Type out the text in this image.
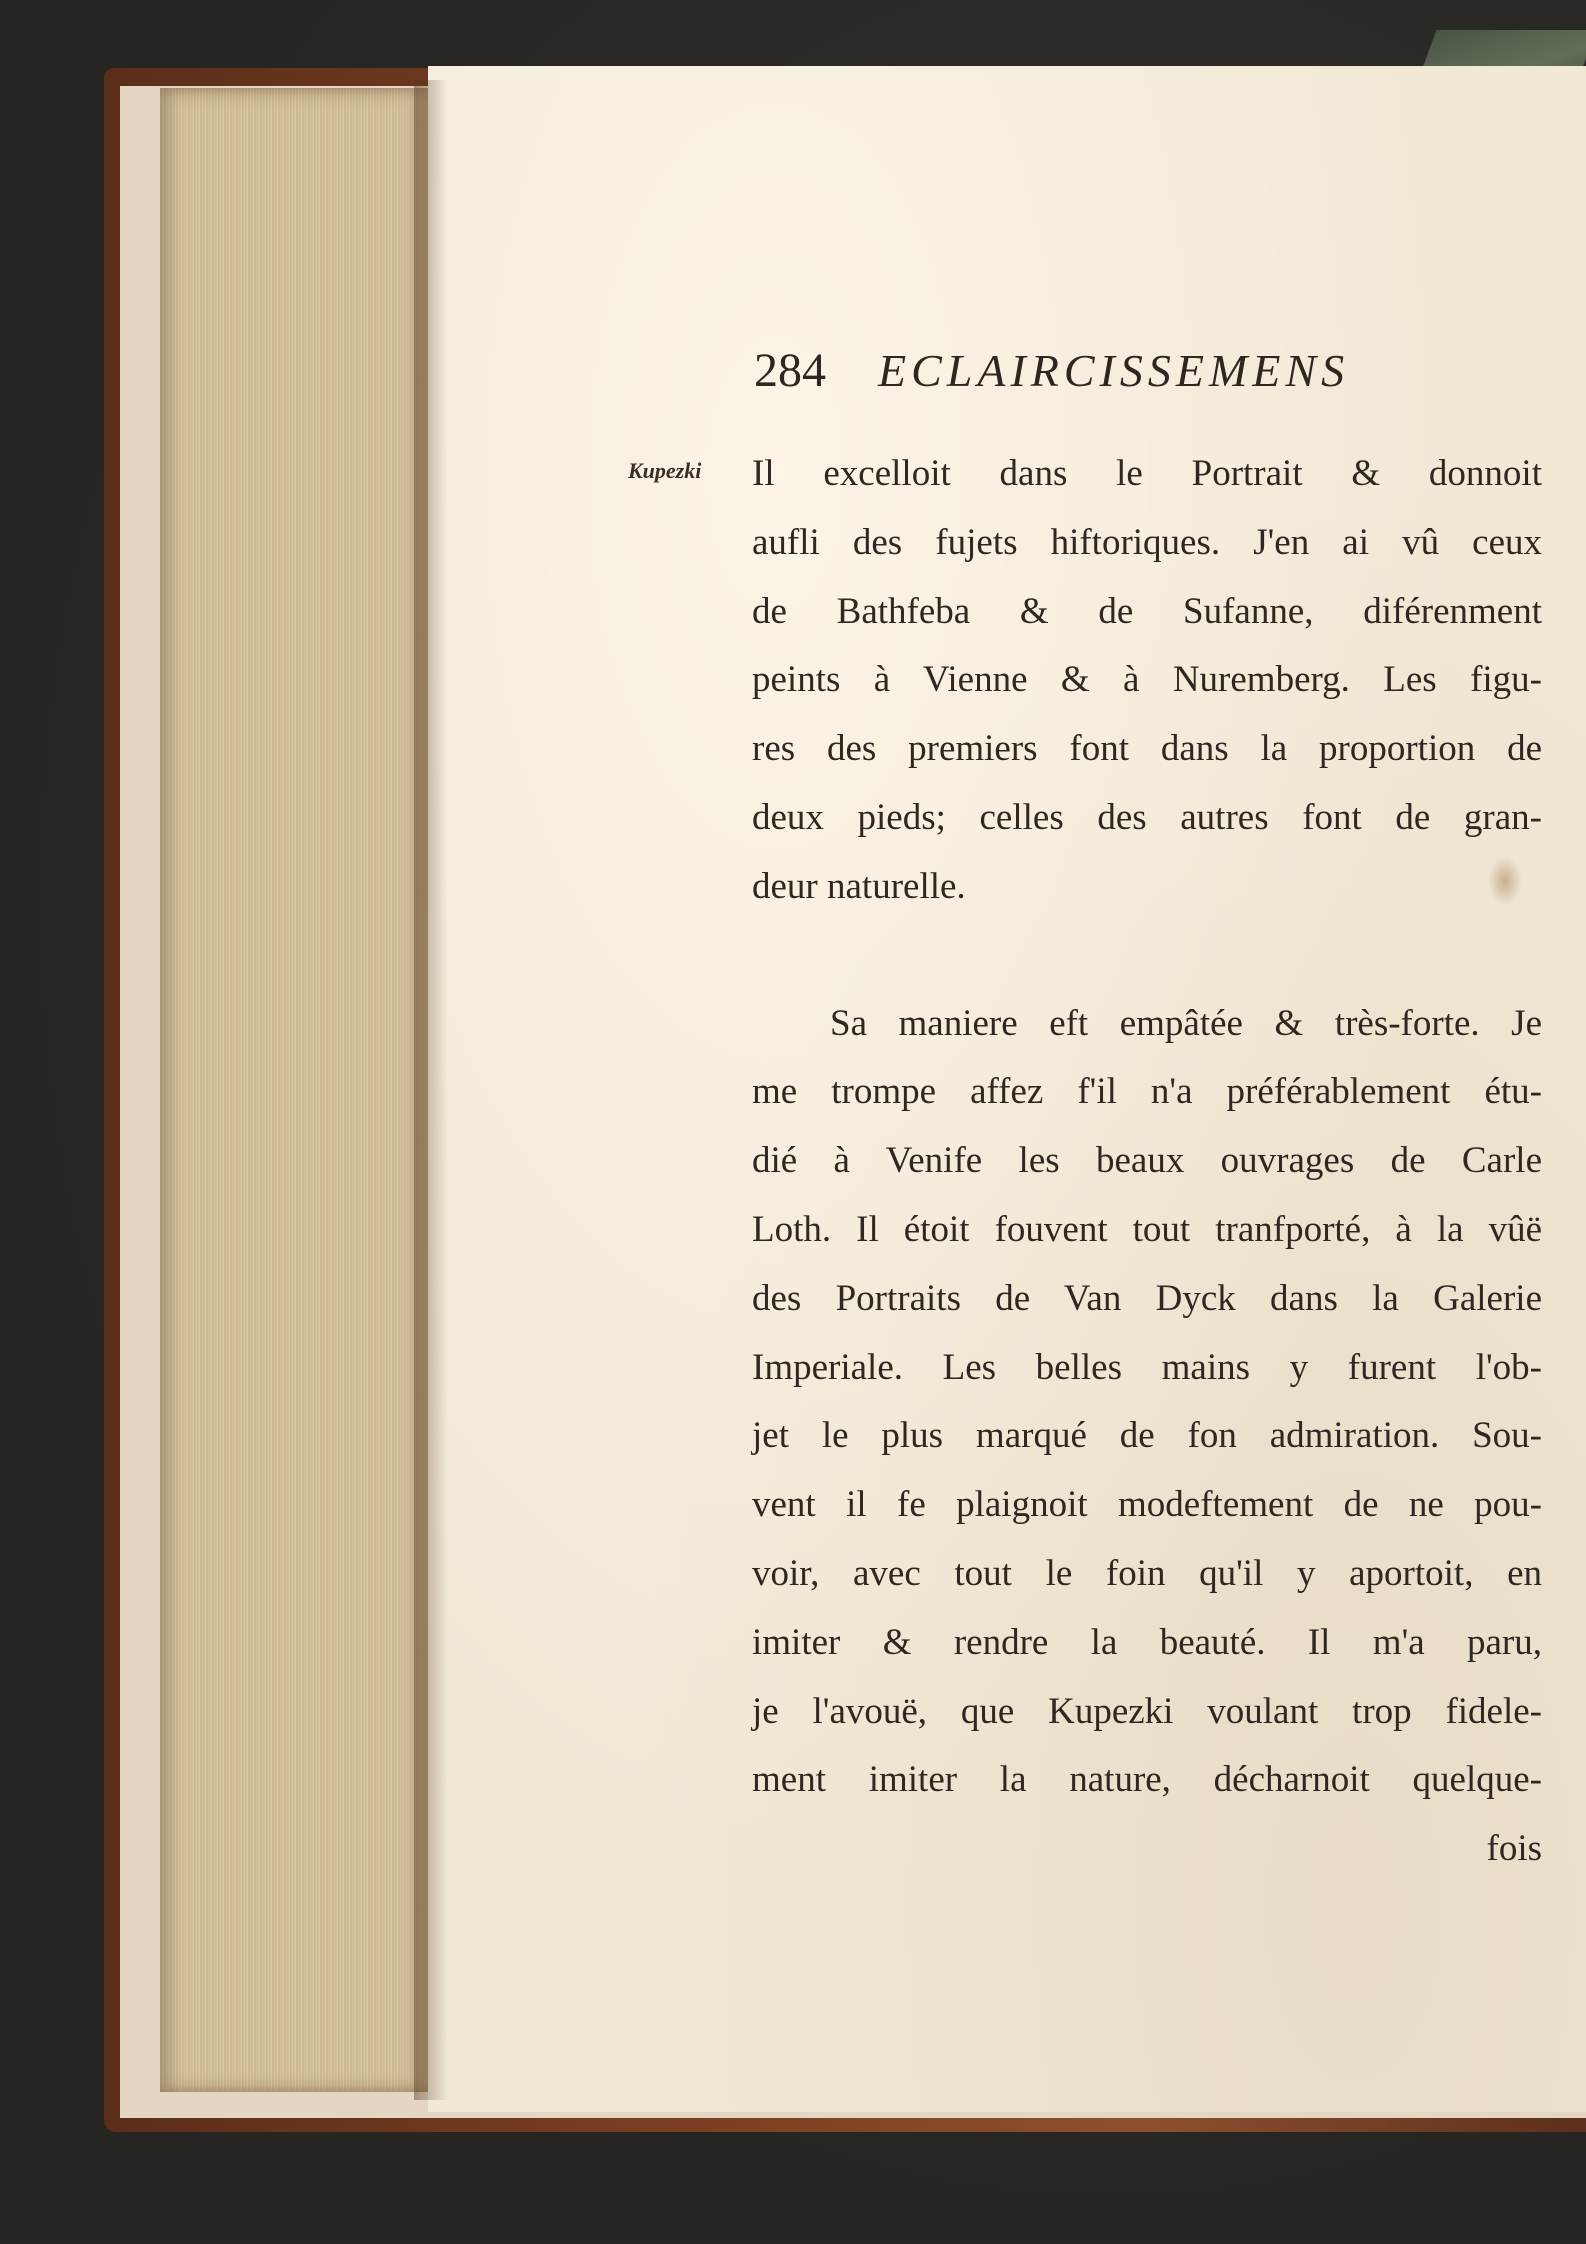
284 ECLAIRCISSEMENS
Kupezki Il excelloit dans le Portrait & donnoit
aufli des fujets hiftoriques. J'en ai vû ceux
de Bathfeba & de Sufanne, diférenment
peints à Vienne & à Nuremberg. Les figu-
res des premiers font dans la proportion de
deux pieds; celles des autres font de gran-
deur naturelle.
Sa maniere eft empâtée & très-forte. Je
me trompe affez f'il n'a préférablement étu-
dié à Venife les beaux ouvrages de Carle
Loth. Il étoit fouvent tout tranfporté, à la vûë
des Portraits de Van Dyck dans la Galerie
Imperiale. Les belles mains y furent l'ob-
jet le plus marqué de fon admiration. Sou-
vent il fe plaignoit modeftement de ne pou-
voir, avec tout le foin qu'il y aportoit, en
imiter & rendre la beauté. Il m'a paru,
je l'avouë, que Kupezki voulant trop fidele-
ment imiter la nature, décharnoit quelque-
fois
